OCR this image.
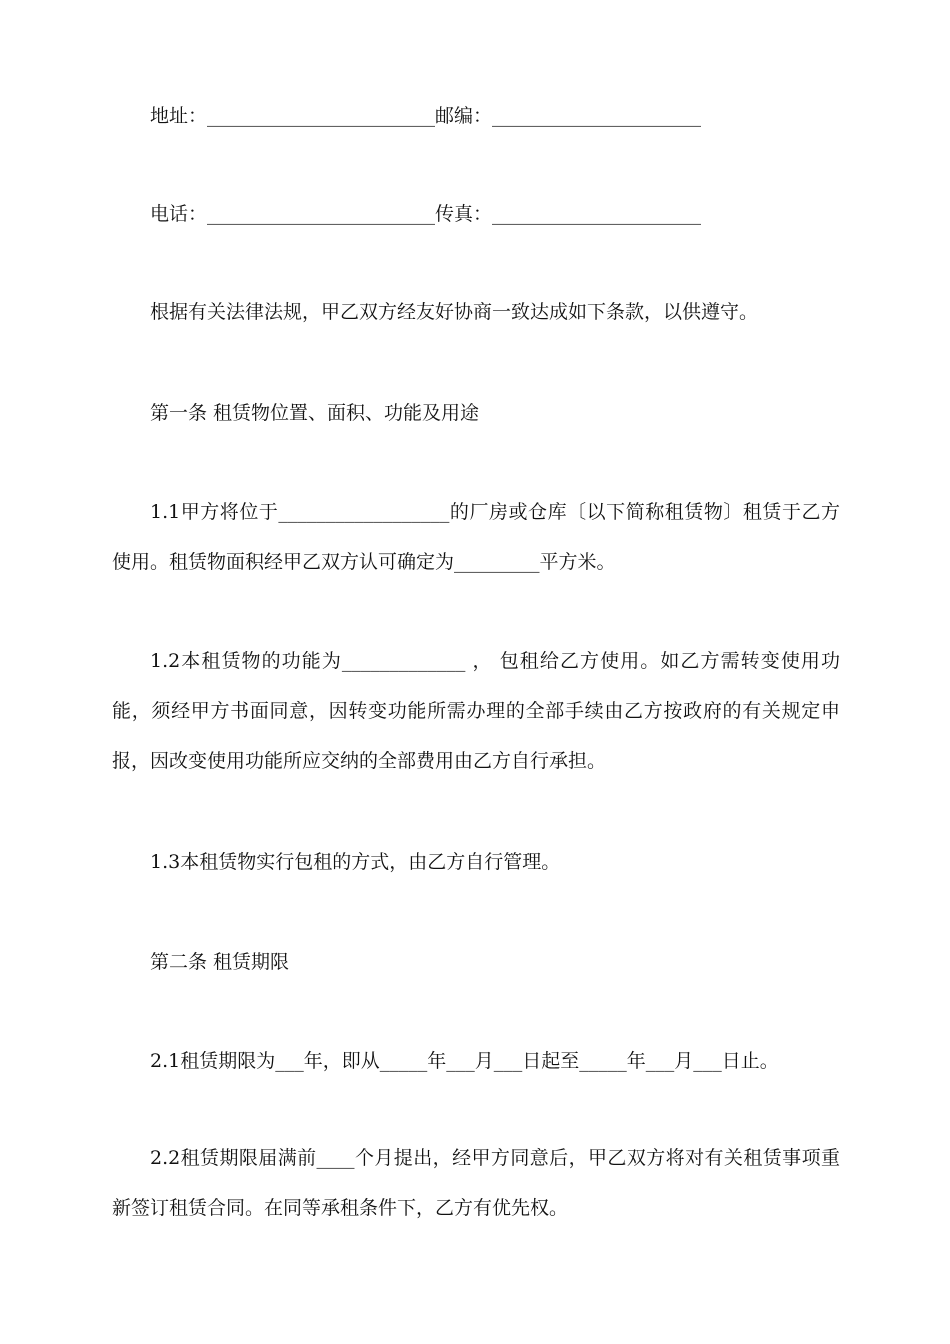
地址：________________________邮编：______________________
电话：________________________传真：______________________
根据有关法律法规，甲乙双方经友好协商一致达成如下条款，以供遵守。
第一条 租赁物位置、面积、功能及用途
1.1甲方将位于__________________的厂房或仓库〔以下简称租赁物〕租赁于乙方使用。租赁物面积经甲乙双方认可确定为_________平方米。
1.2本租赁物的功能为_____________ ， 包租给乙方使用。如乙方需转变使用功能，须经甲方书面同意，因转变功能所需办理的全部手续由乙方按政府的有关规定申报，因改变使用功能所应交纳的全部费用由乙方自行承担。
1.3本租赁物实行包租的方式，由乙方自行管理。
第二条 租赁期限
2.1租赁期限为___年，即从_____年___月___日起至_____年___月___日止。
2.2租赁期限届满前____个月提出，经甲方同意后，甲乙双方将对有关租赁事项重新签订租赁合同。在同等承租条件下，乙方有优先权。
